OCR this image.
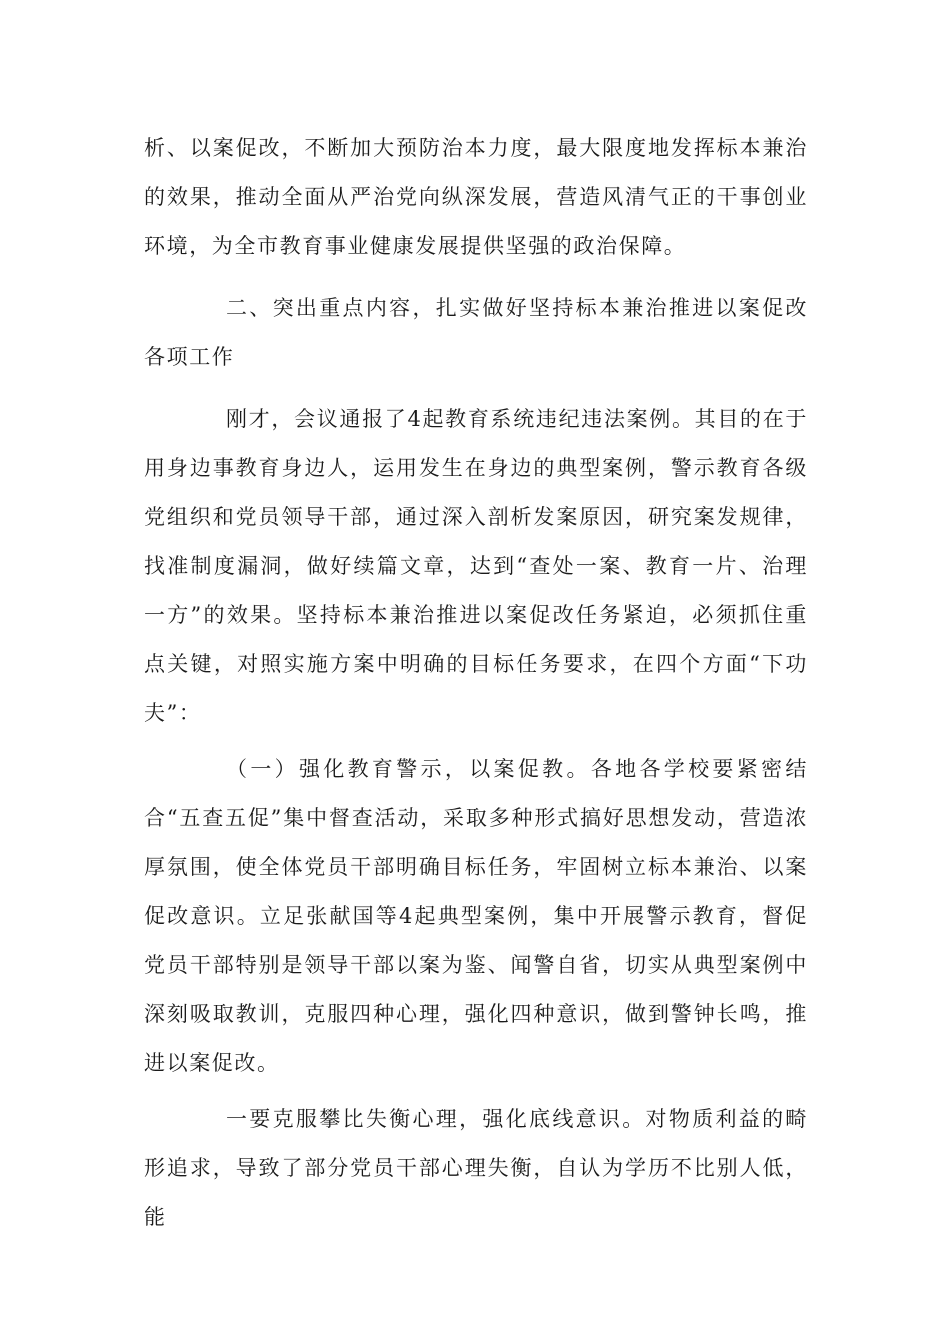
析、以案促改，不断加大预防治本力度，最大限度地发挥标本兼治的效果，推动全面从严治党向纵深发展，营造风清气正的干事创业环境，为全市教育事业健康发展提供坚强的政治保障。

二、突出重点内容，扎实做好坚持标本兼治推进以案促改各项工作

刚才，会议通报了4起教育系统违纪违法案例。其目的在于用身边事教育身边人，运用发生在身边的典型案例，警示教育各级党组织和党员领导干部，通过深入剖析发案原因，研究案发规律，找准制度漏洞，做好续篇文章，达到“查处一案、教育一片、治理一方”的效果。坚持标本兼治推进以案促改任务紧迫，必须抓住重点关键，对照实施方案中明确的目标任务要求，在四个方面“下功夫”：

（一）强化教育警示，以案促教。各地各学校要紧密结合“五查五促”集中督查活动，采取多种形式搞好思想发动，营造浓厚氛围，使全体党员干部明确目标任务，牢固树立标本兼治、以案促改意识。立足张献国等4起典型案例，集中开展警示教育，督促党员干部特别是领导干部以案为鉴、闻警自省，切实从典型案例中深刻吸取教训，克服四种心理，强化四种意识，做到警钟长鸣，推进以案促改。

一要克服攀比失衡心理，强化底线意识。对物质利益的畸形追求，导致了部分党员干部心理失衡，自认为学历不比别人低，能
